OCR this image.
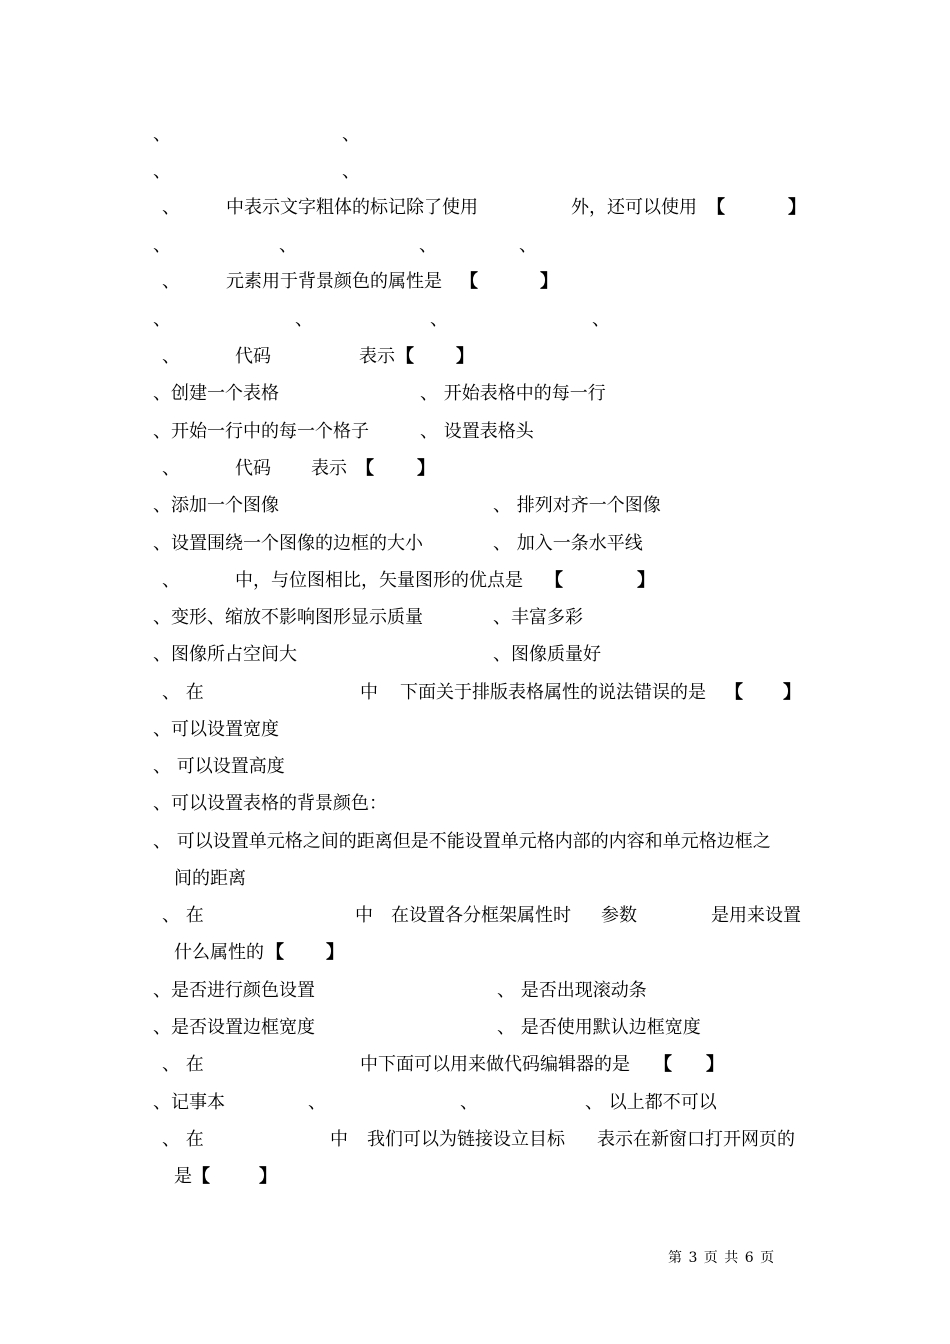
、	、
、	、
、	中表示文字粗体的标记除了使用	外，还可以使用 【	】
、	、	、	、
、	元素用于背景颜色的属性是 【	】
、	、	、	、
、	代码	表示 【 】
、创建一个表格	、 开始表格中的每一行
、开始一行中的每一个格子	、 设置表格头
、	代码 表示 【 】
、添加一个图像	、 排列对齐一个图像
、设置围绕一个图像的边框的大小	、 加入一条水平线
、	中，与位图相比，矢量图形的优点是 【	】
、变形、缩放不影响图形显示质量	、丰富多彩
、图像所占空间大	、图像质量好
、 在	中 下面关于排版表格属性的说法错误的是 【 】
、可以设置宽度
、 可以设置高度
、可以设置表格的背景颜色：
、 可以设置单元格之间的距离但是不能设置单元格内部的内容和单元格边框之
间的距离
、 在	中 在设置各分框架属性时 参数	是用来设置
什么属性的 【 】
、是否进行颜色设置	、 是否出现滚动条
、是否设置边框宽度	、 是否使用默认边框宽度
、 在	中下面可以用来做代码编辑器的是 【 】
、记事本	、	、	、 以上都不可以
、 在	中 我们可以为链接设立目标 表示在新窗口打开网页的
是 【	】
第 3 页 共 6 页
